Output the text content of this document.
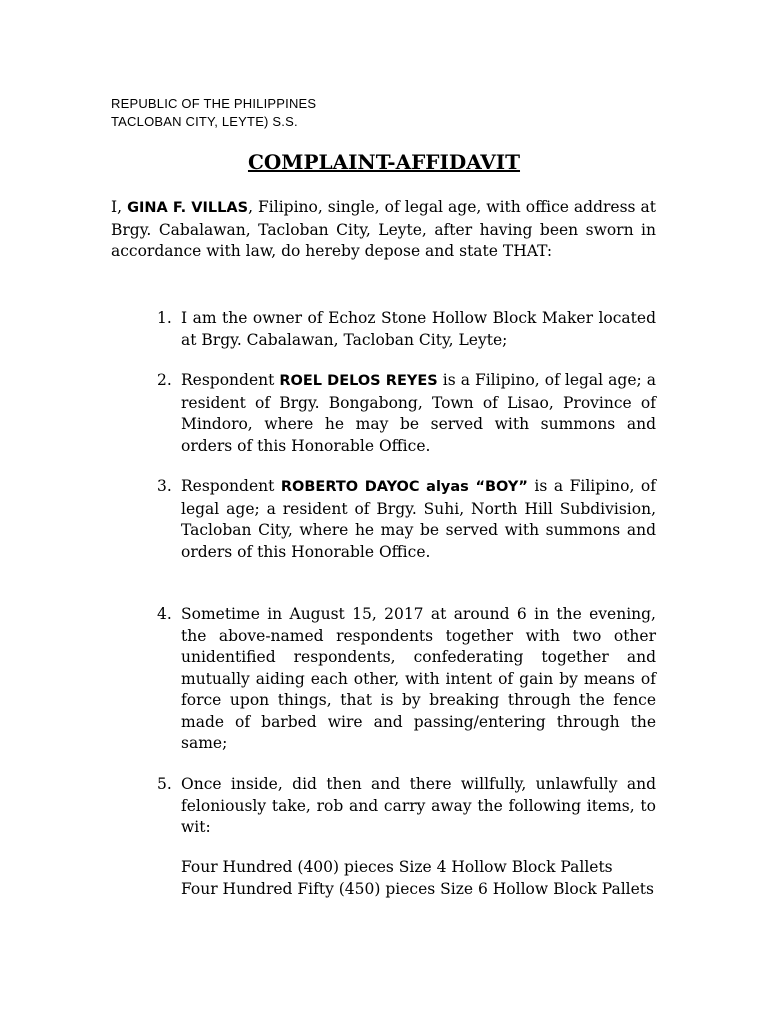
REPUBLIC OF THE PHILIPPINES
TACLOBAN CITY, LEYTE) S.S.
COMPLAINT-AFFIDAVIT
I, GINA F. VILLAS, Filipino, single, of legal age, with office address at Brgy. Cabalawan, Tacloban City, Leyte, after having been sworn in accordance with law, do hereby depose and state THAT:
1. I am the owner of Echoz Stone Hollow Block Maker located at Brgy. Cabalawan, Tacloban City, Leyte;
2. Respondent ROEL DELOS REYES is a Filipino, of legal age; a resident of Brgy. Bongabong, Town of Lisao, Province of Mindoro, where he may be served with summons and orders of this Honorable Office.
3. Respondent ROBERTO DAYOC alyas “BOY” is a Filipino, of legal age; a resident of Brgy. Suhi, North Hill Subdivision, Tacloban City, where he may be served with summons and orders of this Honorable Office.
4. Sometime in August 15, 2017 at around 6 in the evening, the above-named respondents together with two other unidentified respondents, confederating together and mutually aiding each other, with intent of gain by means of force upon things, that is by breaking through the fence made of barbed wire and passing/entering through the same;
5. Once inside, did then and there willfully, unlawfully and feloniously take, rob and carry away the following items, to wit:
Four Hundred (400) pieces Size 4 Hollow Block Pallets
Four Hundred Fifty (450) pieces Size 6 Hollow Block Pallets
